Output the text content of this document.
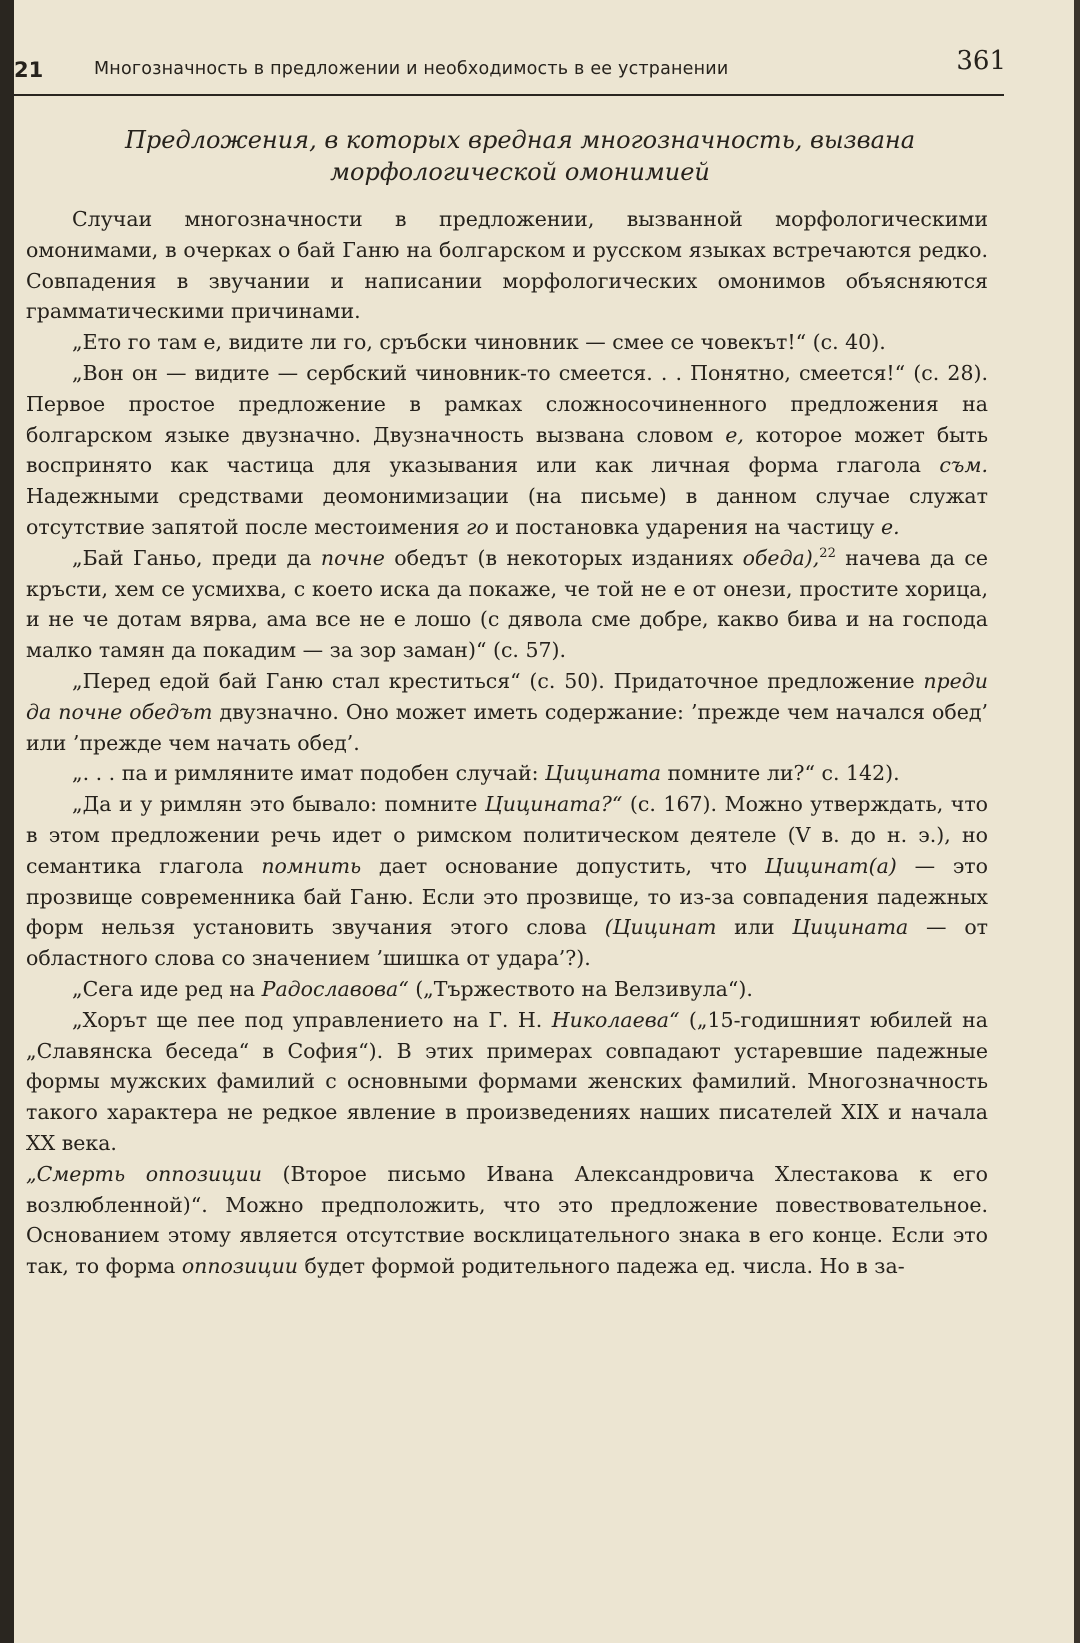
21	Многозначность в предложении и необходимость в ее устранении	361
Предложения, в которых вредная многозначность, вызвана
морфологической омонимией

Случаи многозначности в предложении, вызванной морфологическими омонимами, в очерках о бай Ганю на болгарском и русском языках встречаются редко. Совпадения в звучании и написании морфологических омонимов объясняются грамматическими причинами.

„Ето го там е, видите ли го, сръбски чиновник — смее се човекът!“ (с. 40).

„Вон он — видите — сербский чиновник-то смеется. . . Понятно, смеется!“ (с. 28). Первое простое предложение в рамках сложносочиненного предложения на болгарском языке двузначно. Двузначность вызвана словом е, которое может быть воспринято как частица для указывания или как личная форма глагола съм. Надежными средствами деомонимизации (на письме) в данном случае служат отсутствие запятой после местоимения го и постановка ударения на частицу е.

„Бай Ганьо, преди да почне обедът (в некоторых изданиях обеда),$^{22}$ начева да се кръсти, хем се усмихва, с което иска да покаже, че той не е от онези, простите хорица, и не че дотам вярва, ама все не е лошо (с дявола сме добре, какво бива и на господа малко тамян да покадим — за зор заман)“ (с. 57).

„Перед едой бай Ганю стал креститься“ (с. 50). Придаточное предложение преди да почне обедът двузначно. Оно может иметь содержание: ’прежде чем начался обед’ или ’прежде чем начать обед’.

„. . . па и римляните имат подобен случай: Цицината помните ли?“ с. 142).

„Да и у римлян это бывало: помните Цицината?“ (с. 167). Можно утверждать, что в этом предложении речь идет о римском политическом деятеле (V в. до н. э.), но семантика глагола помнить дает основание допустить, что Цицинат(а) — это прозвище современника бай Ганю. Если это прозвище, то из-за совпадения падежных форм нельзя установить звучания этого слова (Цицинат или Цицината — от областного слова со значением ’шишка от удара’?).

„Сега иде ред на Радославова“ („Тържеството на Велзивула“).

„Хорът ще пее под управлението на Г. Н. Николаева“ („15-годишният юбилей на „Славянска беседа“ в София“). В этих примерах совпадают устаревшие падежные формы мужских фамилий с основными формами женских фамилий. Многозначность такого характера не редкое явление в произведениях наших писателей XIX и начала XX века.

„Смерть оппозиции (Второе письмо Ивана Александровича Хлестакова к его возлюбленной)“. Можно предположить, что это предложение повествовательное. Основанием этому является отсутствие восклицательного знака в его конце. Если это так, то форма оппозиции будет формой родительного падежа ед. числа. Но в за-
